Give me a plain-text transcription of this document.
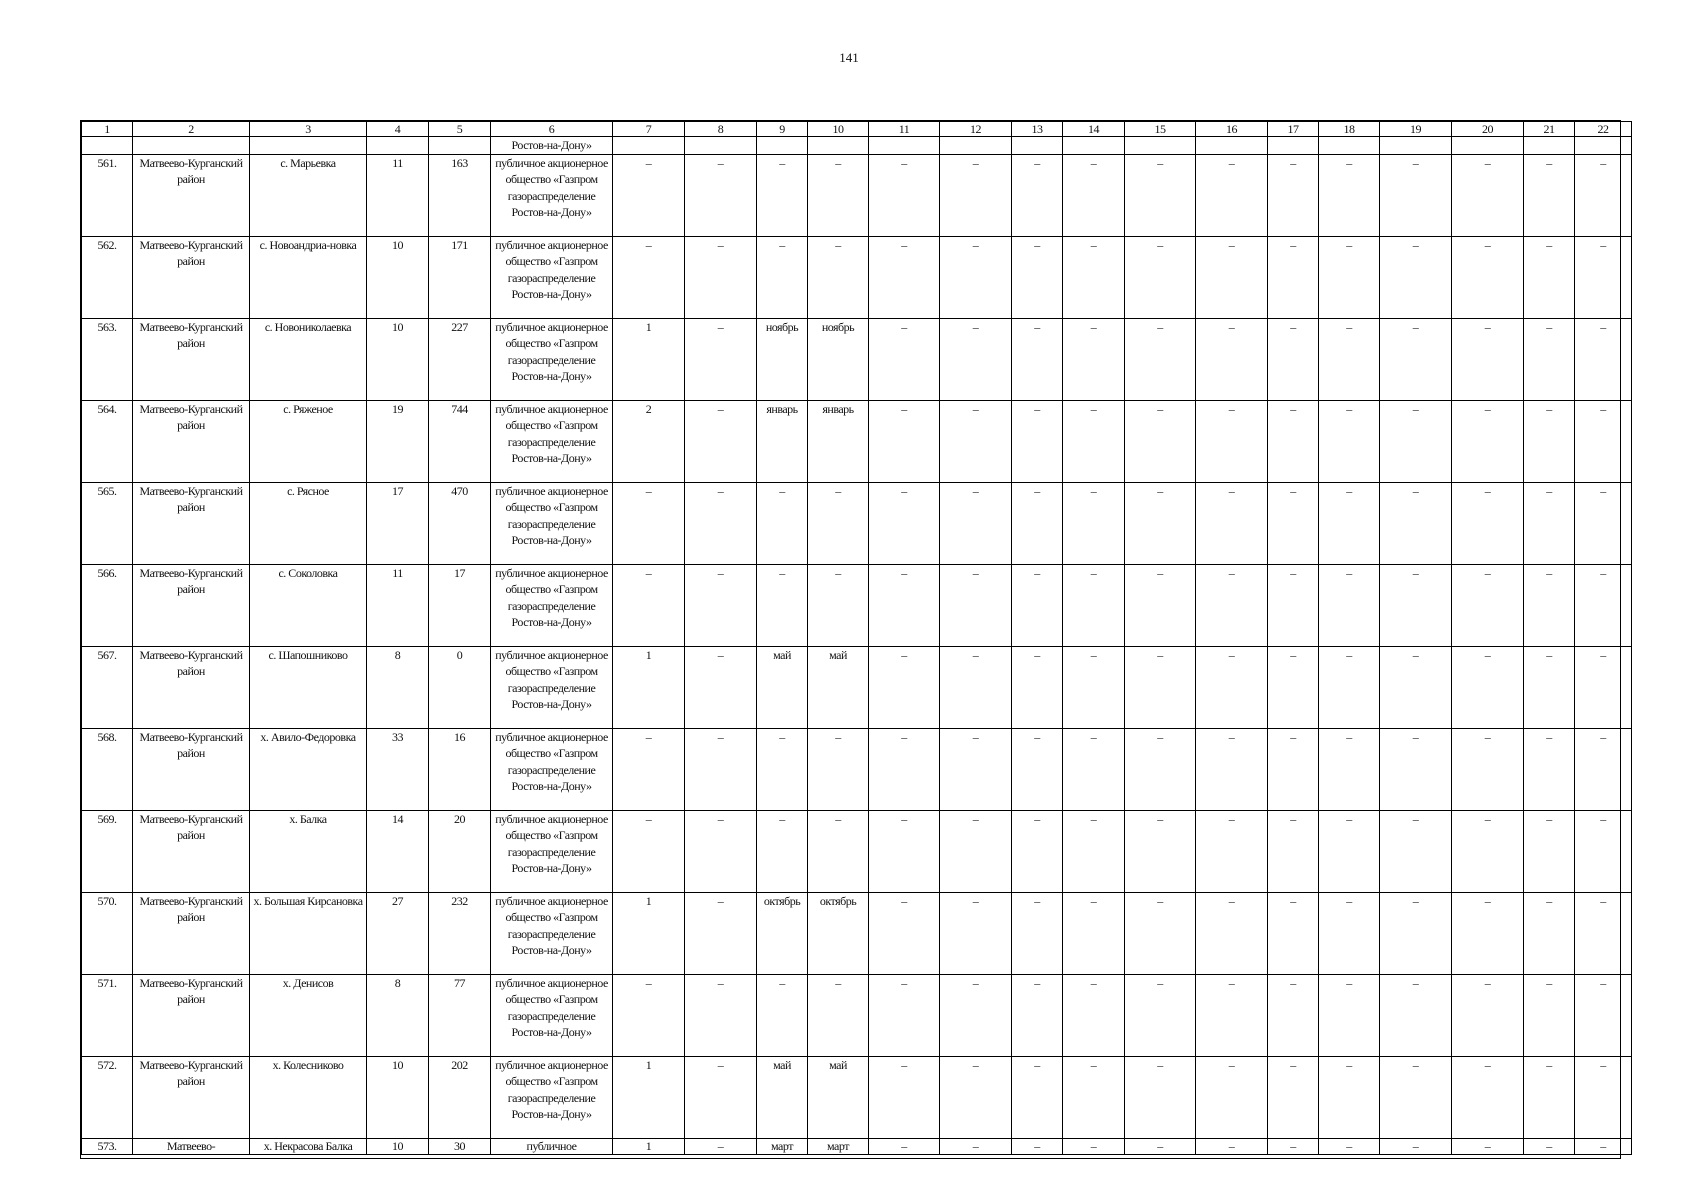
141
1	2	3	4	5	6	7	8	9	10	11	12	13	14	15	16	17	18	19	20	21	22
					Ростов-на-Дону»																
561.	Матвеево-Курганский район	с. Марьевка	11	163	публичное акционерное общество «Газпром газораспределение Ростов-на-Дону»	–	–	–	–	–	–	–	–	–	–	–	–	–	–	–	–
562.	Матвеево-Курганский район	с. Новоандриа-новка	10	171	публичное акционерное общество «Газпром газораспределение Ростов-на-Дону»	–	–	–	–	–	–	–	–	–	–	–	–	–	–	–	–
563.	Матвеево-Курганский район	с. Новониколаевка	10	227	публичное акционерное общество «Газпром газораспределение Ростов-на-Дону»	1	–	ноябрь	ноябрь	–	–	–	–	–	–	–	–	–	–	–	–
564.	Матвеево-Курганский район	с. Ряженое	19	744	публичное акционерное общество «Газпром газораспределение Ростов-на-Дону»	2	–	январь	январь	–	–	–	–	–	–	–	–	–	–	–	–
565.	Матвеево-Курганский район	с. Рясное	17	470	публичное акционерное общество «Газпром газораспределение Ростов-на-Дону»	–	–	–	–	–	–	–	–	–	–	–	–	–	–	–	–
566.	Матвеево-Курганский район	с. Соколовка	11	17	публичное акционерное общество «Газпром газораспределение Ростов-на-Дону»	–	–	–	–	–	–	–	–	–	–	–	–	–	–	–	–
567.	Матвеево-Курганский район	с. Шапошниково	8	0	публичное акционерное общество «Газпром газораспределение Ростов-на-Дону»	1	–	май	май	–	–	–	–	–	–	–	–	–	–	–	–
568.	Матвеево-Курганский район	х. Авило-Федоровка	33	16	публичное акционерное общество «Газпром газораспределение Ростов-на-Дону»	–	–	–	–	–	–	–	–	–	–	–	–	–	–	–	–
569.	Матвеево-Курганский район	х. Балка	14	20	публичное акционерное общество «Газпром газораспределение Ростов-на-Дону»	–	–	–	–	–	–	–	–	–	–	–	–	–	–	–	–
570.	Матвеево-Курганский район	х. Большая Кирсановка	27	232	публичное акционерное общество «Газпром газораспределение Ростов-на-Дону»	1	–	октябрь	октябрь	–	–	–	–	–	–	–	–	–	–	–	–
571.	Матвеево-Курганский район	х. Денисов	8	77	публичное акционерное общество «Газпром газораспределение Ростов-на-Дону»	–	–	–	–	–	–	–	–	–	–	–	–	–	–	–	–
572.	Матвеево-Курганский район	х. Колесниково	10	202	публичное акционерное общество «Газпром газораспределение Ростов-на-Дону»	1	–	май	май	–	–	–	–	–	–	–	–	–	–	–	–
573.	Матвеево-	х. Некрасова Балка	10	30	публичное	1	–	март	март	–	–	–	–	–	–	–	–	–	–	–	–
